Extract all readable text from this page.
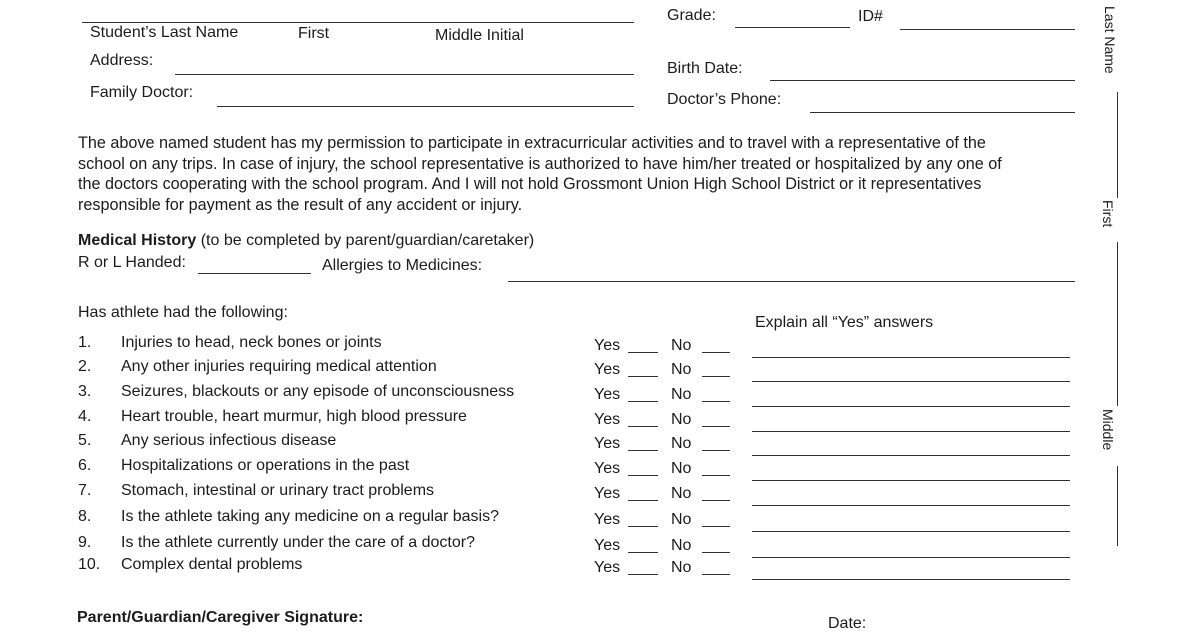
Grade:	ID#
Student’s Last Name	First	Middle Initial
Address:	Birth Date:
Family Doctor:	Doctor’s Phone:
The above named student has my permission to participate in extracurricular activities and to travel with a representative of the
school on any trips. In case of injury, the school representative is authorized to have him/her treated or hospitalized by any one of
the doctors cooperating with the school program. And I will not hold Grossmont Union High School District or it representatives
responsible for payment as the result of any accident or injury.
Medical History (to be completed by parent/guardian/caretaker)
R or L Handed:	Allergies to Medicines:
Has athlete had the following:
Explain all “Yes” answers
1. Injuries to head, neck bones or joints	Yes	No
2. Any other injuries requiring medical attention	Yes	No
3. Seizures, blackouts or any episode of unconsciousness	Yes	No
4. Heart trouble, heart murmur, high blood pressure	Yes	No
5. Any serious infectious disease	Yes	No
6. Hospitalizations or operations in the past	Yes	No
7. Stomach, intestinal or urinary tract problems	Yes	No
8. Is the athlete taking any medicine on a regular basis?	Yes	No
9. Is the athlete currently under the care of a doctor?	Yes	No
10. Complex dental problems	Yes	No
Parent/Guardian/Caregiver Signature:	Date:
Last Name
First
Middle
